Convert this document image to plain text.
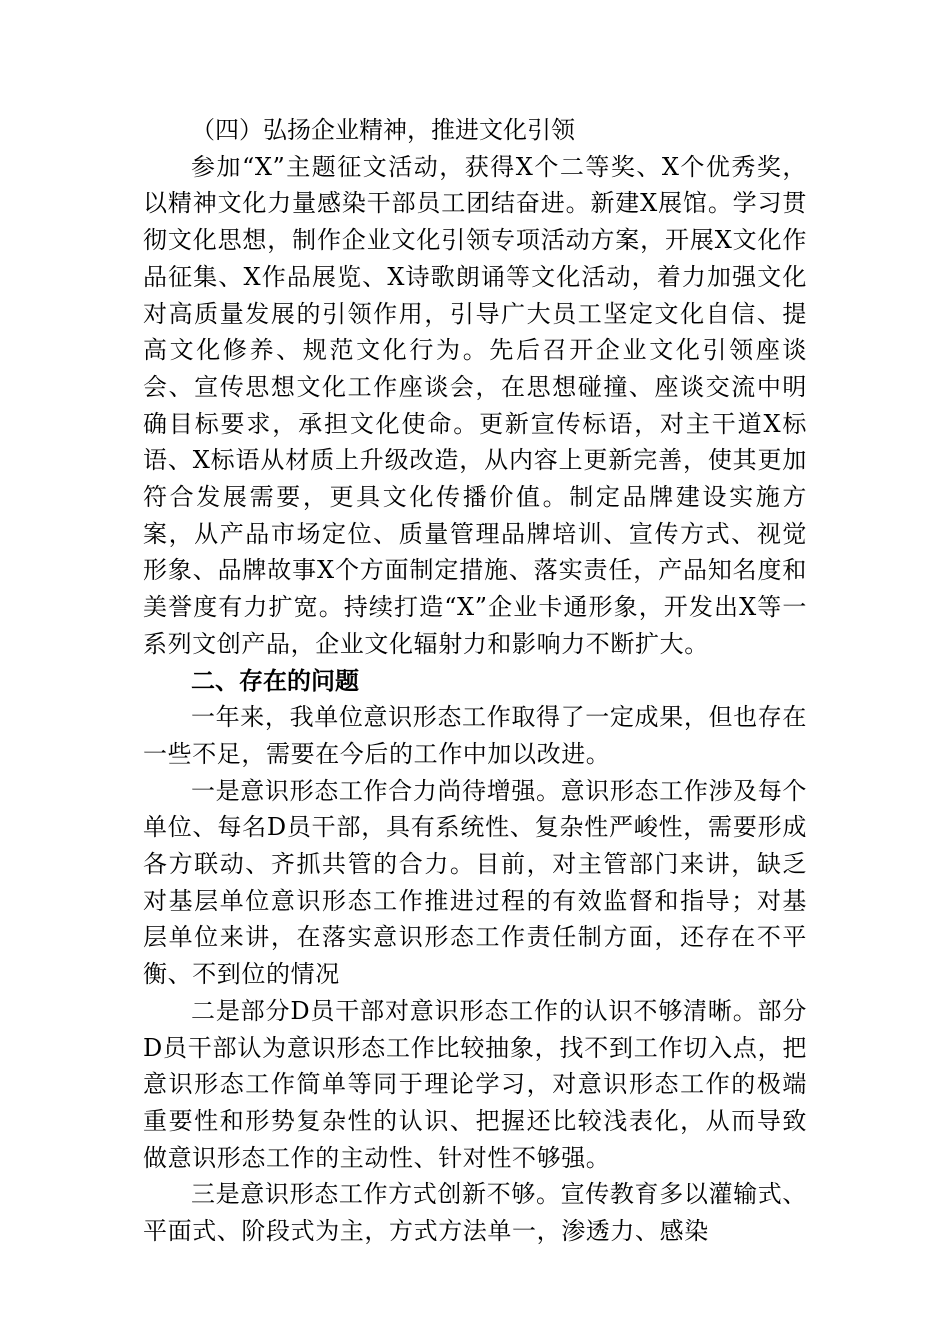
（四）弘扬企业精神，推进文化引领

参加“X”主题征文活动，获得X个二等奖、X个优秀奖，以精神文化力量感染干部员工团结奋进。新建X展馆。学习贯彻文化思想，制作企业文化引领专项活动方案，开展X文化作品征集、X作品展览、X诗歌朗诵等文化活动，着力加强文化对高质量发展的引领作用，引导广大员工坚定文化自信、提高文化修养、规范文化行为。先后召开企业文化引领座谈会、宣传思想文化工作座谈会，在思想碰撞、座谈交流中明确目标要求，承担文化使命。更新宣传标语，对主干道X标语、X标语从材质上升级改造，从内容上更新完善，使其更加符合发展需要，更具文化传播价值。制定品牌建设实施方案，从产品市场定位、质量管理品牌培训、宣传方式、视觉形象、品牌故事X个方面制定措施、落实责任，产品知名度和美誉度有力扩宽。持续打造“X”企业卡通形象，开发出X等一系列文创产品，企业文化辐射力和影响力不断扩大。

二、存在的问题

一年来，我单位意识形态工作取得了一定成果，但也存在一些不足，需要在今后的工作中加以改进。

一是意识形态工作合力尚待增强。意识形态工作涉及每个单位、每名D员干部，具有系统性、复杂性严峻性，需要形成各方联动、齐抓共管的合力。目前，对主管部门来讲，缺乏对基层单位意识形态工作推进过程的有效监督和指导；对基层单位来讲，在落实意识形态工作责任制方面，还存在不平衡、不到位的情况

二是部分D员干部对意识形态工作的认识不够清晰。部分D员干部认为意识形态工作比较抽象，找不到工作切入点，把意识形态工作简单等同于理论学习，对意识形态工作的极端重要性和形势复杂性的认识、把握还比较浅表化，从而导致做意识形态工作的主动性、针对性不够强。

三是意识形态工作方式创新不够。宣传教育多以灌输式、平面式、阶段式为主，方式方法单一，渗透力、感染
